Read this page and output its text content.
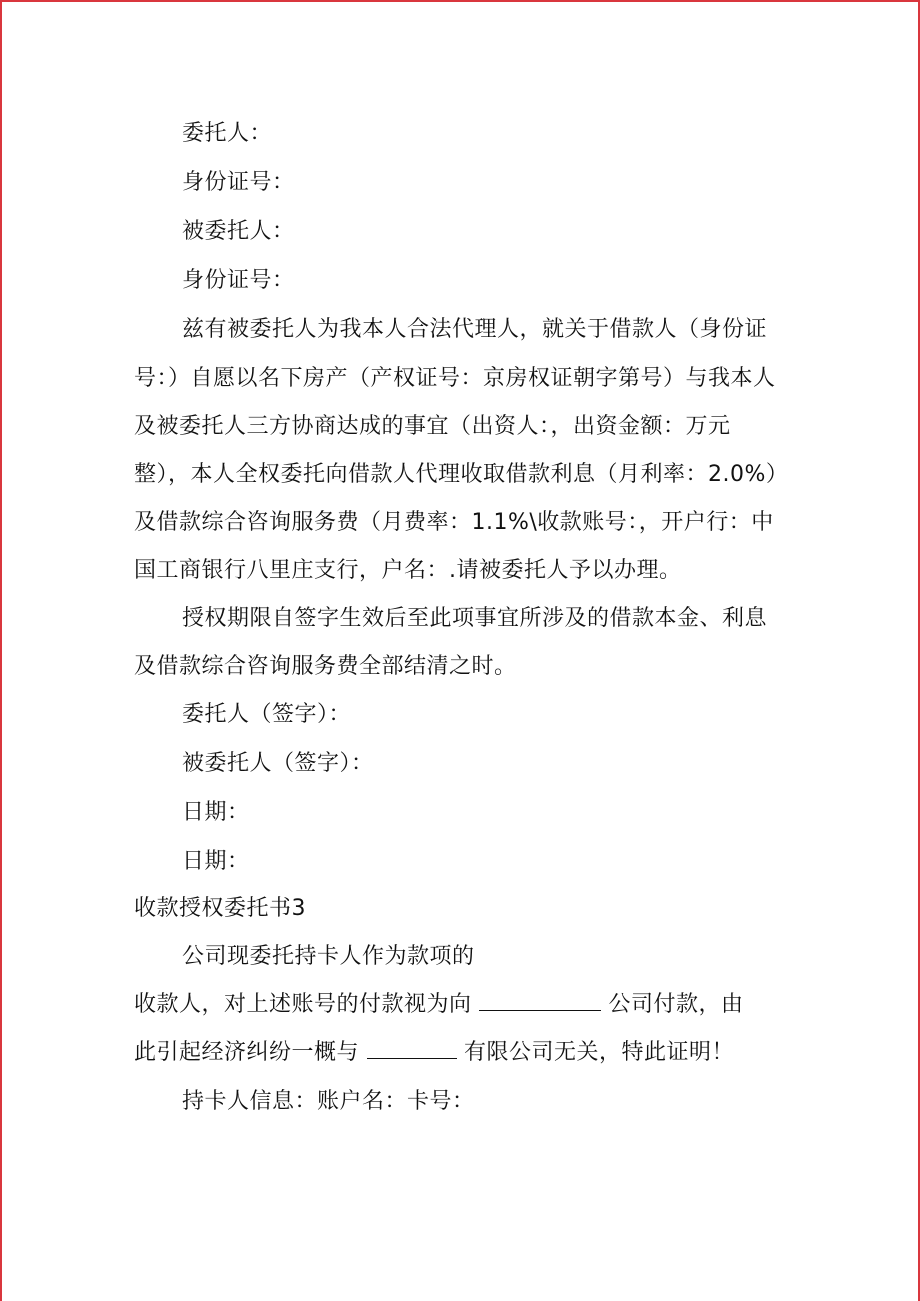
委托人：
身份证号：
被委托人：
身份证号：
兹有被委托人为我本人合法代理人，就关于借款人（身份证
号：）自愿以名下房产（产权证号：京房权证朝字第号）与我本人
及被委托人三方协商达成的事宜（出资人：，出资金额：万元
整），本人全权委托向借款人代理收取借款利息（月利率：2.0%）
及借款综合咨询服务费（月费率：1.1%\收款账号：，开户行：中
国工商银行八里庄支行，户名：.请被委托人予以办理。
授权期限自签字生效后至此项事宜所涉及的借款本金、利息
及借款综合咨询服务费全部结清之时。
委托人（签字）：
被委托人（签字）：
日期：
日期：
收款授权委托书3
公司现委托持卡人作为款项的
收款人，对上述账号的付款视为向	公司付款，由
此引起经济纠纷一概与	有限公司无关，特此证明！
持卡人信息：账户名：卡号：
